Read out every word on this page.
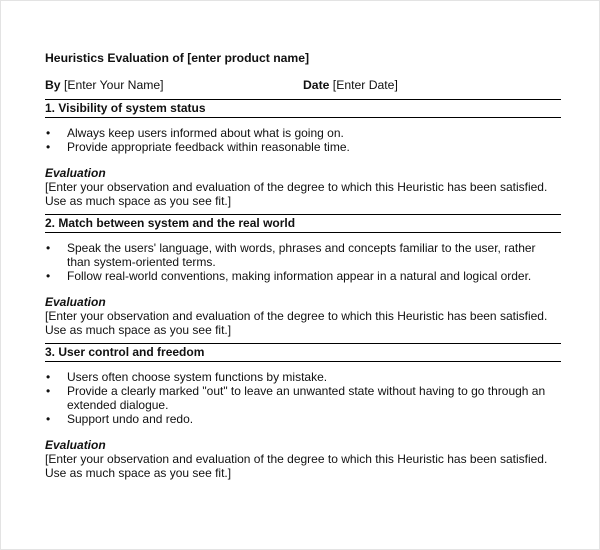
Heuristics Evaluation of [enter product name]
By [Enter Your Name]	Date [Enter Date]
1. Visibility of system status
• Always keep users informed about what is going on.
• Provide appropriate feedback within reasonable time.
Evaluation
[Enter your observation and evaluation of the degree to which this Heuristic has been satisfied. Use as much space as you see fit.]
2. Match between system and the real world
• Speak the users' language, with words, phrases and concepts familiar to the user, rather than system-oriented terms.
• Follow real-world conventions, making information appear in a natural and logical order.
Evaluation
[Enter your observation and evaluation of the degree to which this Heuristic has been satisfied. Use as much space as you see fit.]
3. User control and freedom
• Users often choose system functions by mistake.
• Provide a clearly marked "out" to leave an unwanted state without having to go through an extended dialogue.
• Support undo and redo.
Evaluation
[Enter your observation and evaluation of the degree to which this Heuristic has been satisfied. Use as much space as you see fit.]
